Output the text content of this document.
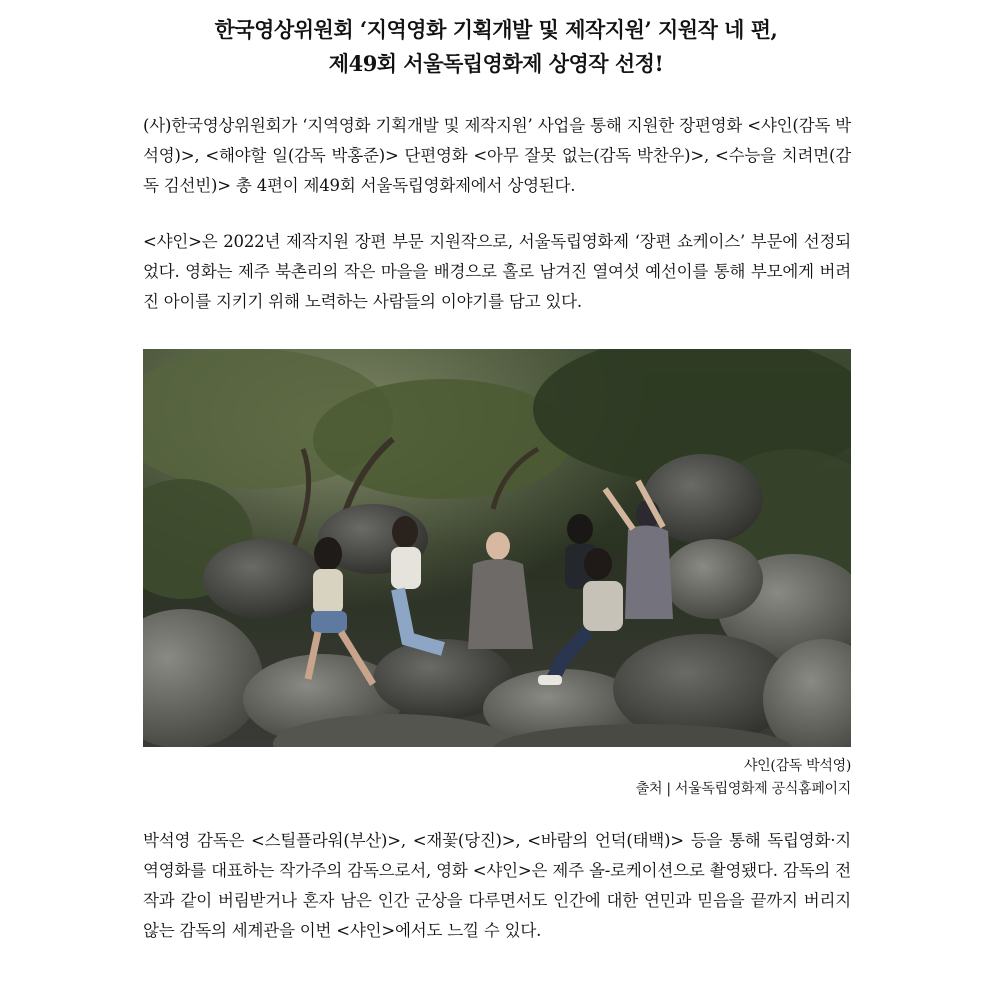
한국영상위원회 ‘지역영화 기획개발 및 제작지원’ 지원작 네 편,
제49회 서울독립영화제 상영작 선정!
(사)한국영상위원회가 ‘지역영화 기획개발 및 제작지원’ 사업을 통해 지원한 장편영화 <샤인(감독 박석영)>, <해야할 일(감독 박홍준)> 단편영화 <아무 잘못 없는(감독 박찬우)>, <수능을 치려면(감독 김선빈)> 총 4편이 제49회 서울독립영화제에서 상영된다.
<샤인>은 2022년 제작지원 장편 부문 지원작으로, 서울독립영화제 ‘장편 쇼케이스’ 부문에 선정되었다. 영화는 제주 북촌리의 작은 마을을 배경으로 홀로 남겨진 열여섯 예선이를 통해 부모에게 버려진 아이를 지키기 위해 노력하는 사람들의 이야기를 담고 있다.
샤인(감독 박석영)
출처 | 서울독립영화제 공식홈페이지
박석영 감독은 <스틸플라워(부산)>, <재꽃(당진)>, <바람의 언덕(태백)> 등을 통해 독립영화·지역영화를 대표하는 작가주의 감독으로서, 영화 <샤인>은 제주 올-로케이션으로 촬영됐다. 감독의 전작과 같이 버림받거나 혼자 남은 인간 군상을 다루면서도 인간에 대한 연민과 믿음을 끝까지 버리지 않는 감독의 세계관을 이번 <샤인>에서도 느낄 수 있다.
